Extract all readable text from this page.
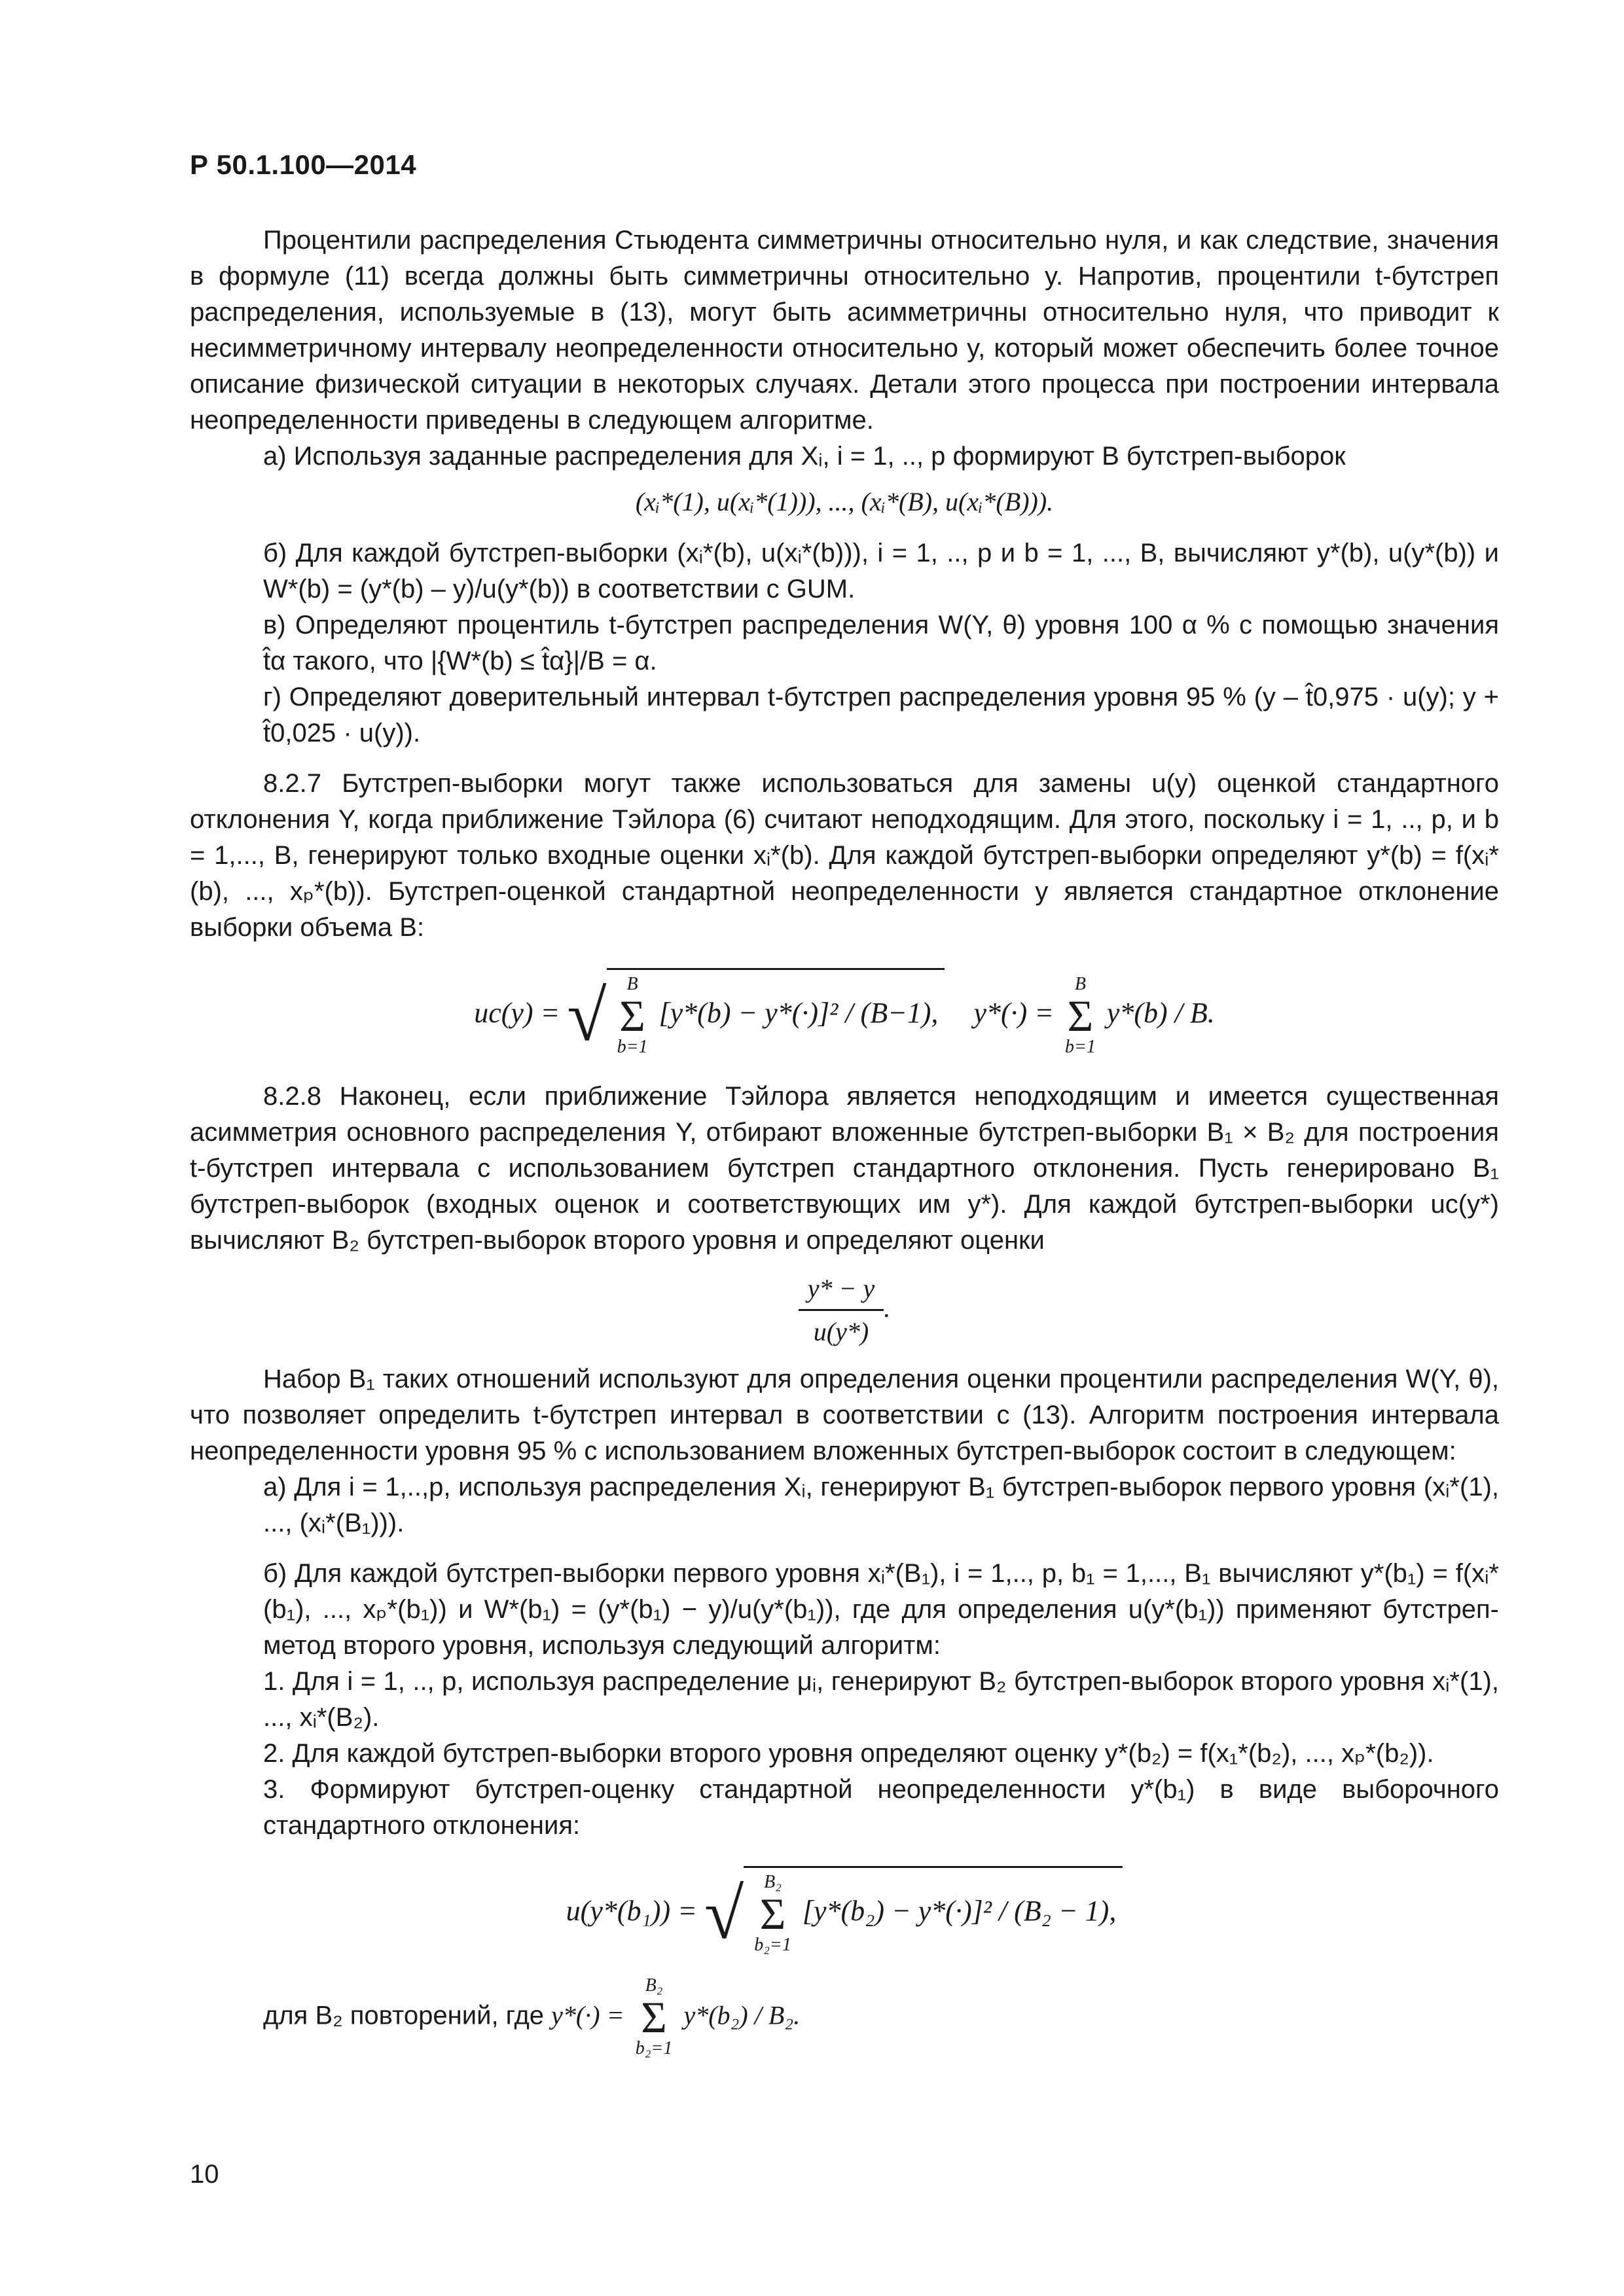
Р 50.1.100—2014

Процентили распределения Стьюдента симметричны относительно нуля, и как следствие, значения в формуле (11) всегда должны быть симметричны относительно y. Напротив, процентили t-бутстреп распределения, используемые в (13), могут быть асимметричны относительно нуля, что приводит к несимметричному интервалу неопределенности относительно y, который может обеспечить более точное описание физической ситуации в некоторых случаях. Детали этого процесса при построении интервала неопределенности приведены в следующем алгоритме.

а) Используя заданные распределения для Xᵢ, i = 1, .., p формируют B бутстреп-выборок

(xᵢ*(1), u(xᵢ*(1))), ..., (xᵢ*(B), u(xᵢ*(B))).

б) Для каждой бутстреп-выборки (xᵢ*(b), u(xᵢ*(b))), i = 1, .., p и b = 1, ..., B, вычисляют y*(b), u(y*(b)) и W*(b) = (y*(b) – y)/u(y*(b)) в соответствии с GUM.

в) Определяют процентиль t-бутстреп распределения W(Y, θ) уровня 100 α % с помощью значения t̂α такого, что |{W*(b) ≤ t̂α}|/B = α.

г) Определяют доверительный интервал t-бутстреп распределения уровня 95 % (y – t̂0,975 · u(y); y + t̂0,025 · u(y)).

8.2.7 Бутстреп-выборки могут также использоваться для замены u(y) оценкой стандартного отклонения Y, когда приближение Тэйлора (6) считают неподходящим. Для этого, поскольку i = 1, .., p, и b = 1,..., B, генерируют только входные оценки xᵢ*(b). Для каждой бутстреп-выборки определяют y*(b) = f(xᵢ*(b), ..., xₚ*(b)). Бутстреп-оценкой стандартной неопределенности y является стандартное отклонение выборки объема B:

uc(y) = √	B
Σ
b=1
[y*(b) − y*(·)]² / (B−1), y*(·) =
B
Σ
b=1
y*(b) / B.

8.2.8 Наконец, если приближение Тэйлора является неподходящим и имеется существенная асимметрия основного распределения Y, отбирают вложенные бутстреп-выборки B₁ × B₂ для построения t-бутстреп интервала с использованием бутстреп стандартного отклонения. Пусть генерировано B₁ бутстреп-выборок (входных оценок и соответствующих им y*). Для каждой бутстреп-выборки uc(y*) вычисляют B₂ бутстреп-выборок второго уровня и определяют оценки

$\frac{y* - y}{u(y*)}$ .

Набор B₁ таких отношений используют для определения оценки процентили распределения W(Y, θ), что позволяет определить t-бутстреп интервал в соответствии с (13). Алгоритм построения интервала неопределенности уровня 95 % с использованием вложенных бутстреп-выборок состоит в следующем:

а) Для i = 1,..,p, используя распределения Xᵢ, генерируют B₁ бутстреп-выборок первого уровня (xᵢ*(1), ..., (xᵢ*(B₁))).

б) Для каждой бутстреп-выборки первого уровня xᵢ*(B₁), i = 1,.., p, b₁ = 1,..., B₁ вычисляют y*(b₁) = f(xᵢ*(b₁), ..., xₚ*(b₁)) и W*(b₁) = (y*(b₁) − y)/u(y*(b₁)), где для определения u(y*(b₁)) применяют бутстреп-метод второго уровня, используя следующий алгоритм:

1. Для i = 1, .., p, используя распределение μᵢ, генерируют B₂ бутстреп-выборок второго уровня xᵢ*(1), ..., xᵢ*(B₂).

2. Для каждой бутстреп-выборки второго уровня определяют оценку y*(b₂) = f(x₁*(b₂), ..., xₚ*(b₂)).

3. Формируют бутстреп-оценку стандартной неопределенности y*(b₁) в виде выборочного стандартного отклонения:

u(y*(b₁)) = √	B₂
Σ
b₂=1
[y*(b₂) − y*(·)]² / (B₂ − 1),

для B₂ повторений, где y*(·) =
B₂
Σ
b₂=1
y*(b₂) / B₂.

10
